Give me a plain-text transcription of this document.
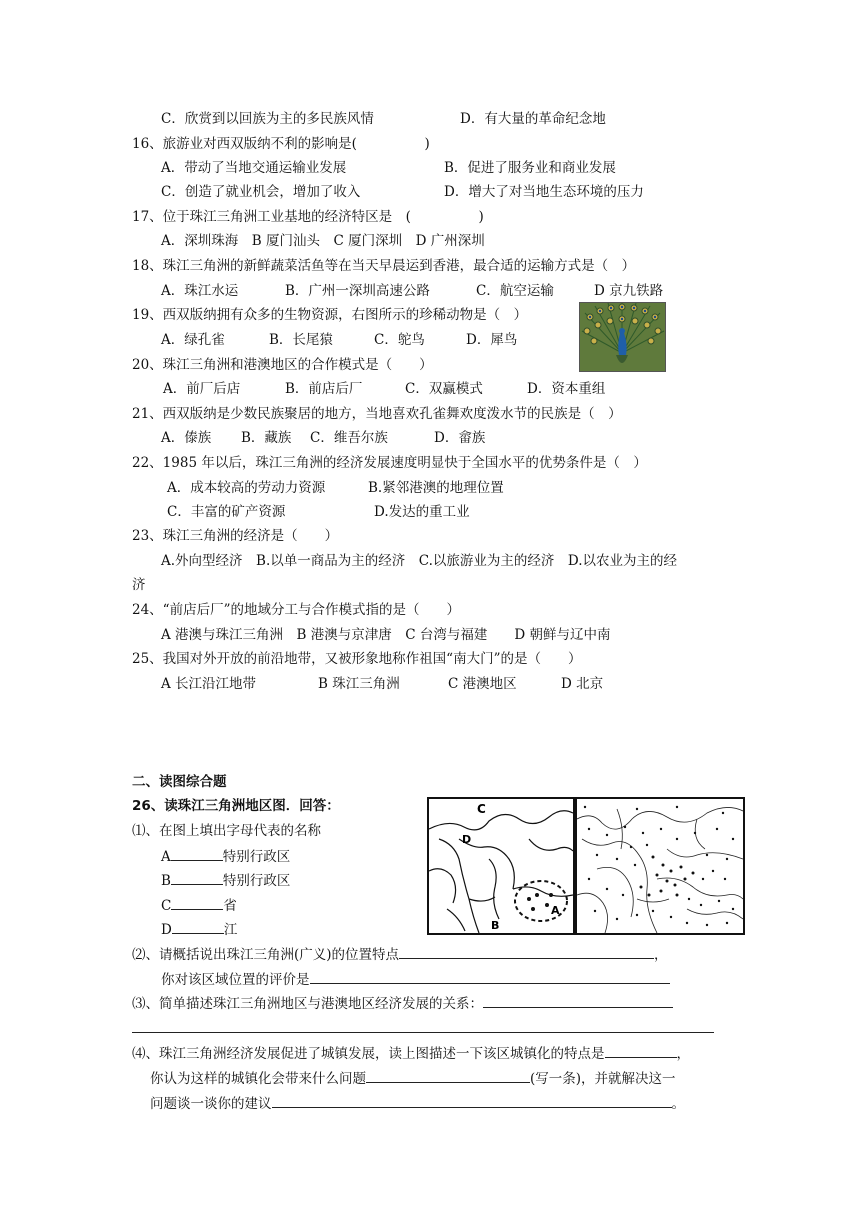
C．欣赏到以回族为主的多民族风情	D．有大量的革命纪念地
16、旅游业对西双版纳不利的影响是(　　　　　)
A．带动了当地交通运输业发展	B．促进了服务业和商业发展
C．创造了就业机会，增加了收入	D．增大了对当地生态环境的压力
17、位于珠江三角洲工业基地的经济特区是　(　　　　　)
A．深圳珠海　B 厦门汕头　C 厦门深圳　D 广州深圳
18、珠江三角洲的新鲜蔬菜活鱼等在当天早晨运到香港，最合适的运输方式是（　）
A．珠江水运	B．广州一深圳高速公路	C．航空运输	D 京九铁路
19、西双版纳拥有众多的生物资源，右图所示的珍稀动物是（　）
A．绿孔雀	B．长尾猿	C．鸵鸟	D．犀鸟
20、珠江三角洲和港澳地区的合作模式是（　　）
A．前厂后店	B．前店后厂	C．双赢模式	D．资本重组
21、西双版纳是少数民族聚居的地方，当地喜欢孔雀舞欢度泼水节的民族是（　）
A．傣族 B．藏族 C．维吾尔族	D．畲族
22、1985 年以后，珠江三角洲的经济发展速度明显快于全国水平的优势条件是（　）
A．成本较高的劳动力资源	B.紧邻港澳的地理位置
C．丰富的矿产资源	D.发达的重工业
23、珠江三角洲的经济是（　　）
A.外向型经济　B.以单一商品为主的经济　C.以旅游业为主的经济　D.以农业为主的经
济
24、“前店后厂”的地域分工与合作模式指的是（　　）
A 港澳与珠江三角洲　B 港澳与京津唐　C 台湾与福建　　D 朝鲜与辽中南
25、我国对外开放的前沿地带，又被形象地称作祖国“南大门”的是（　　）
A 长江沿江地带	B 珠江三角洲	C 港澳地区	D 北京
二、读图综合题
26、读珠江三角洲地区图．回答：
⑴、在图上填出字母代表的名称
A	特别行政区
B	特别行政区
C	省
D	江
C
D
A
B
⑵、请概括说出珠江三角洲(广义)的位置特点	，
你对该区域位置的评价是
⑶、简单描述珠江三角洲地区与港澳地区经济发展的关系：
⑷、珠江三角洲经济发展促进了城镇发展，读上图描述一下该区城镇化的特点是	，
你认为这样的城镇化会带来什么问题	(写一条)，并就解决这一
问题谈一谈你的建议	。
